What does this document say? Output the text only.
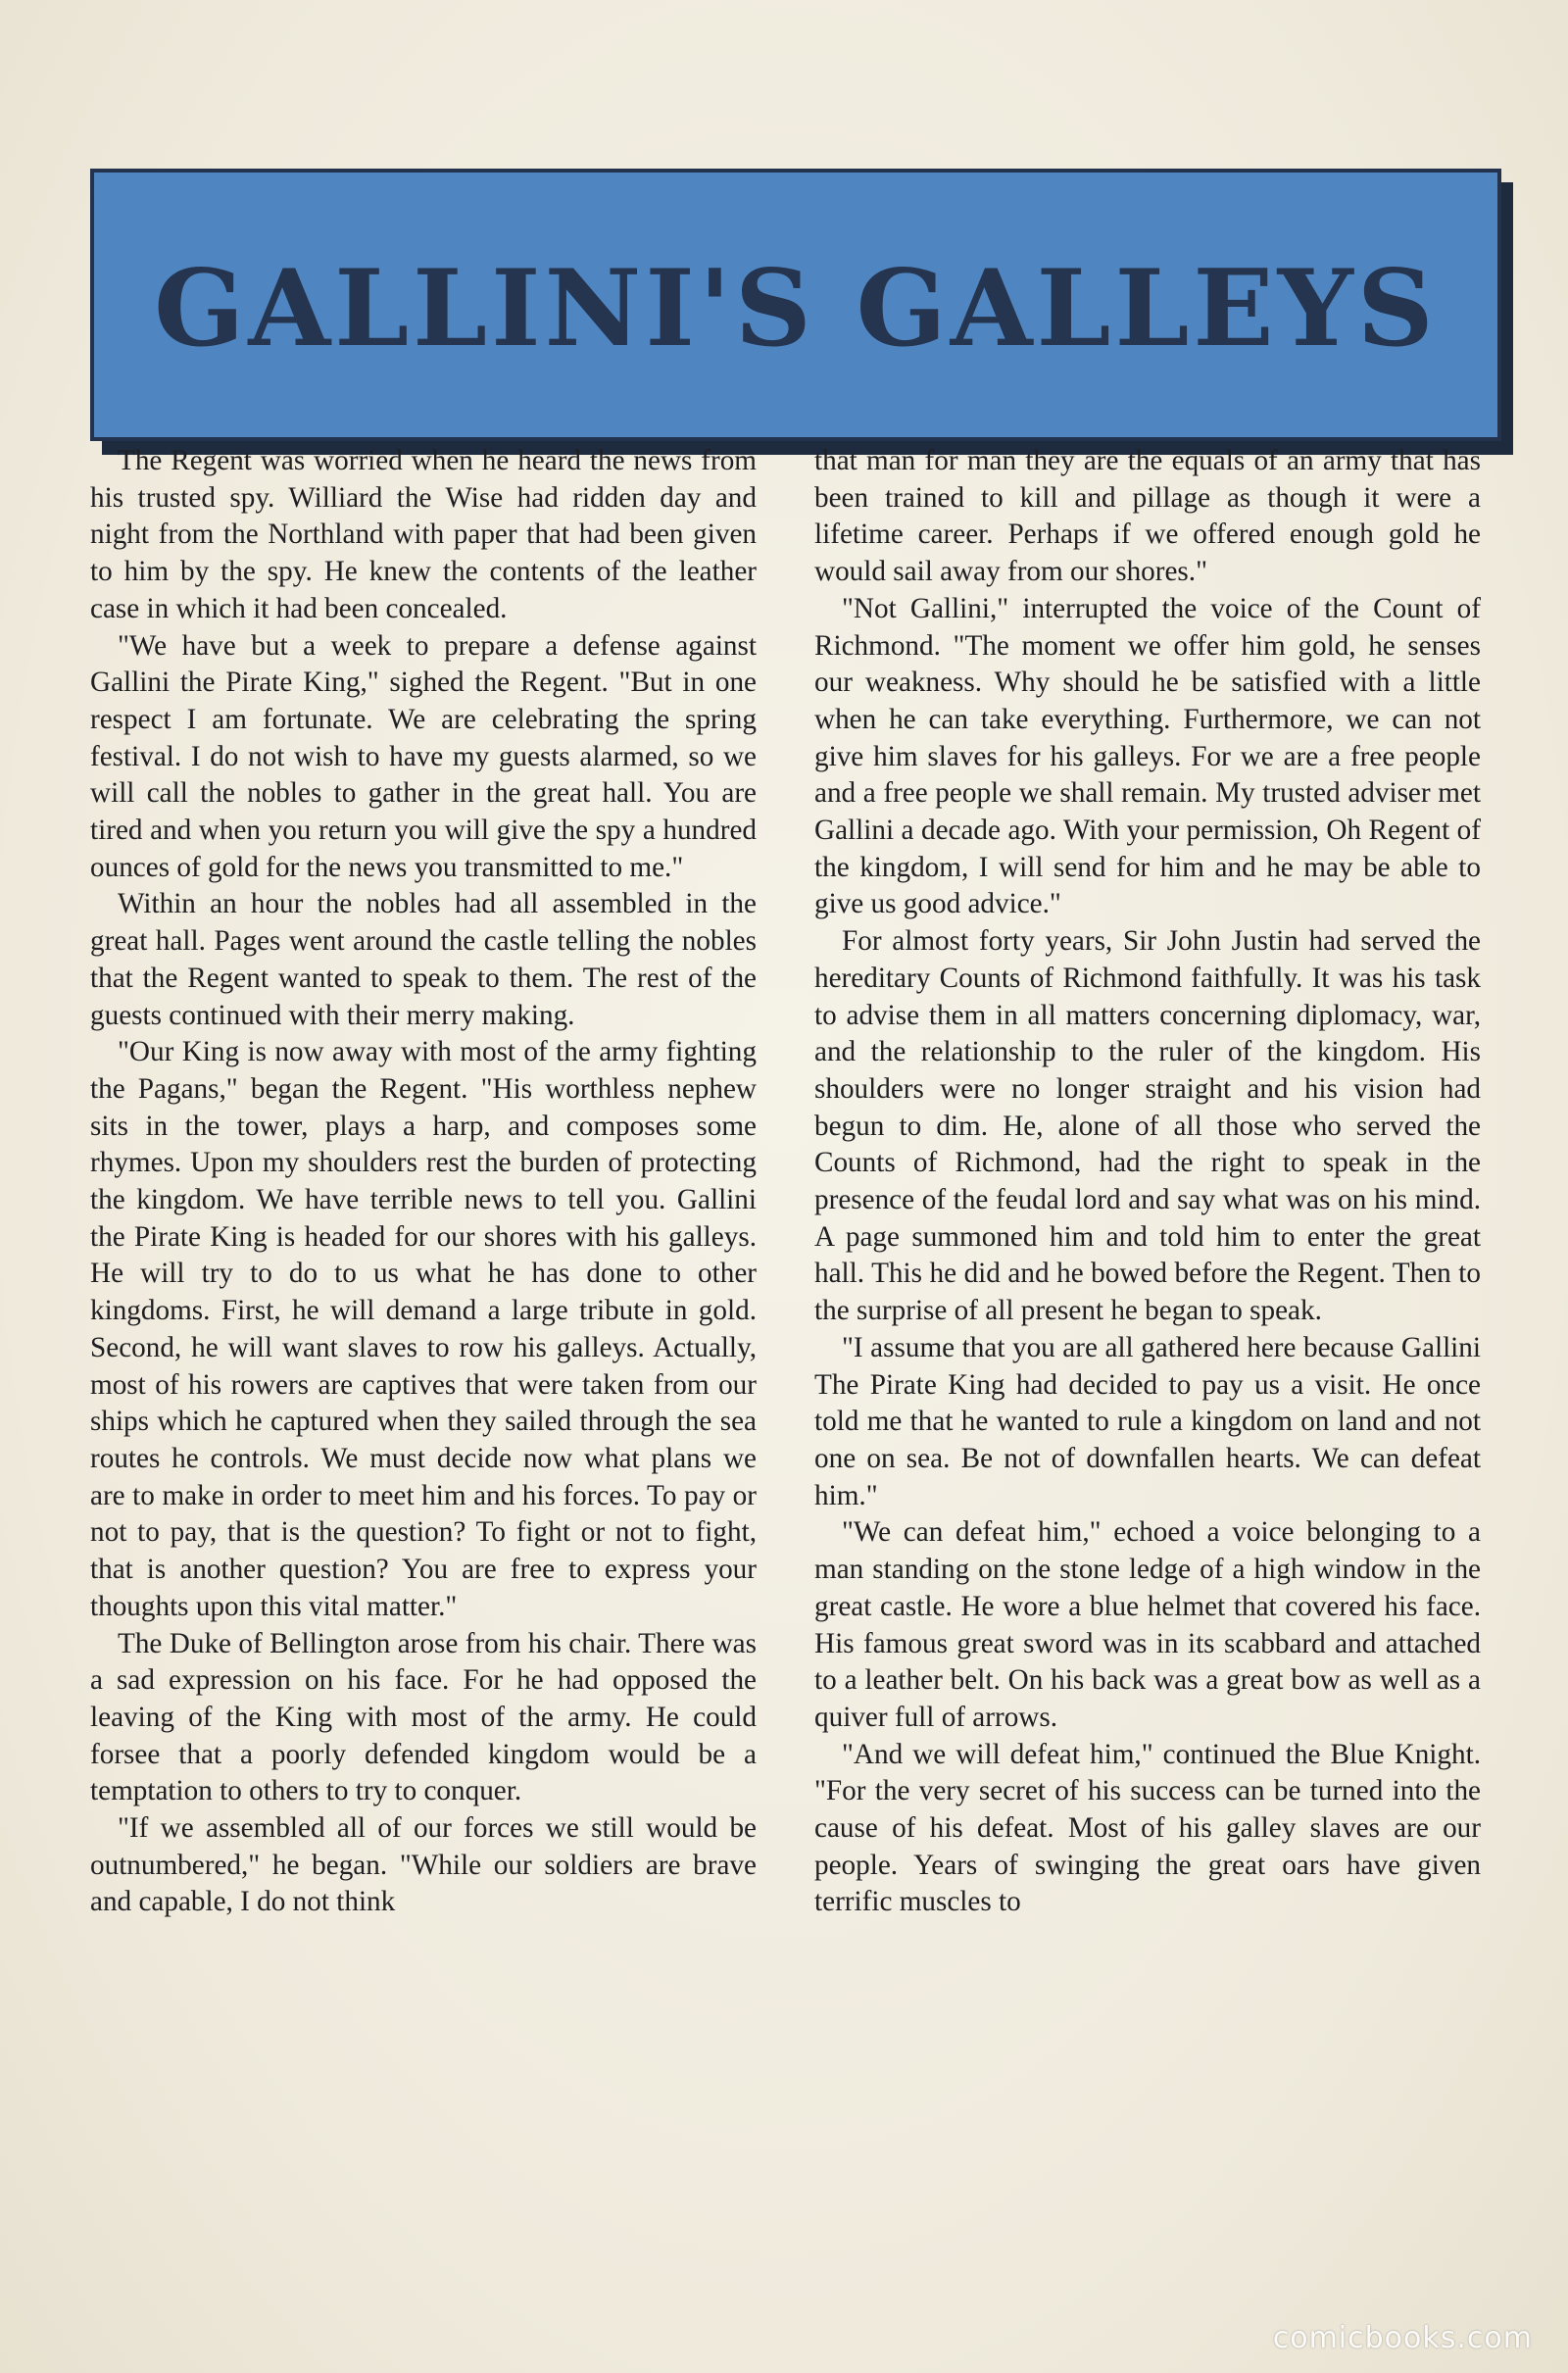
GALLINI'S GALLEYS

The Regent was worried when he heard the news from his trusted spy. Williard the Wise had ridden day and night from the Northland with paper that had been given to him by the spy. He knew the contents of the leather case in which it had been concealed.

"We have but a week to prepare a defense against Gallini the Pirate King," sighed the Regent. "But in one respect I am fortunate. We are celebrating the spring festival. I do not wish to have my guests alarmed, so we will call the nobles to gather in the great hall. You are tired and when you return you will give the spy a hundred ounces of gold for the news you transmitted to me."

Within an hour the nobles had all assembled in the great hall. Pages went around the castle telling the nobles that the Regent wanted to speak to them. The rest of the guests continued with their merry making.

"Our King is now away with most of the army fighting the Pagans," began the Regent. "His worthless nephew sits in the tower, plays a harp, and composes some rhymes. Upon my shoulders rest the burden of protecting the kingdom. We have terrible news to tell you. Gallini the Pirate King is headed for our shores with his galleys. He will try to do to us what he has done to other kingdoms. First, he will demand a large tribute in gold. Second, he will want slaves to row his galleys. Actually, most of his rowers are captives that were taken from our ships which he captured when they sailed through the sea routes he controls. We must decide now what plans we are to make in order to meet him and his forces. To pay or not to pay, that is the question? To fight or not to fight, that is another question? You are free to express your thoughts upon this vital matter."

The Duke of Bellington arose from his chair. There was a sad expression on his face. For he had opposed the leaving of the King with most of the army. He could forsee that a poorly defended kingdom would be a temptation to others to try to conquer.

"If we assembled all of our forces we still would be outnumbered," he began. "While our soldiers are brave and capable, I do not think

that man for man they are the equals of an army that has been trained to kill and pillage as though it were a lifetime career. Perhaps if we offered enough gold he would sail away from our shores."

"Not Gallini," interrupted the voice of the Count of Richmond. "The moment we offer him gold, he senses our weakness. Why should he be satisfied with a little when he can take everything. Furthermore, we can not give him slaves for his galleys. For we are a free people and a free people we shall remain. My trusted adviser met Gallini a decade ago. With your permission, Oh Regent of the kingdom, I will send for him and he may be able to give us good advice."

For almost forty years, Sir John Justin had served the hereditary Counts of Richmond faithfully. It was his task to advise them in all matters concerning diplomacy, war, and the relationship to the ruler of the kingdom. His shoulders were no longer straight and his vision had begun to dim. He, alone of all those who served the Counts of Richmond, had the right to speak in the presence of the feudal lord and say what was on his mind. A page summoned him and told him to enter the great hall. This he did and he bowed before the Regent. Then to the surprise of all present he began to speak.

"I assume that you are all gathered here because Gallini The Pirate King had decided to pay us a visit. He once told me that he wanted to rule a kingdom on land and not one on sea. Be not of downfallen hearts. We can defeat him."

"We can defeat him," echoed a voice belonging to a man standing on the stone ledge of a high window in the great castle. He wore a blue helmet that covered his face. His famous great sword was in its scabbard and attached to a leather belt. On his back was a great bow as well as a quiver full of arrows.

"And we will defeat him," continued the Blue Knight. "For the very secret of his success can be turned into the cause of his defeat. Most of his galley slaves are our people. Years of swinging the great oars have given terrific muscles to

comicbooks.com
